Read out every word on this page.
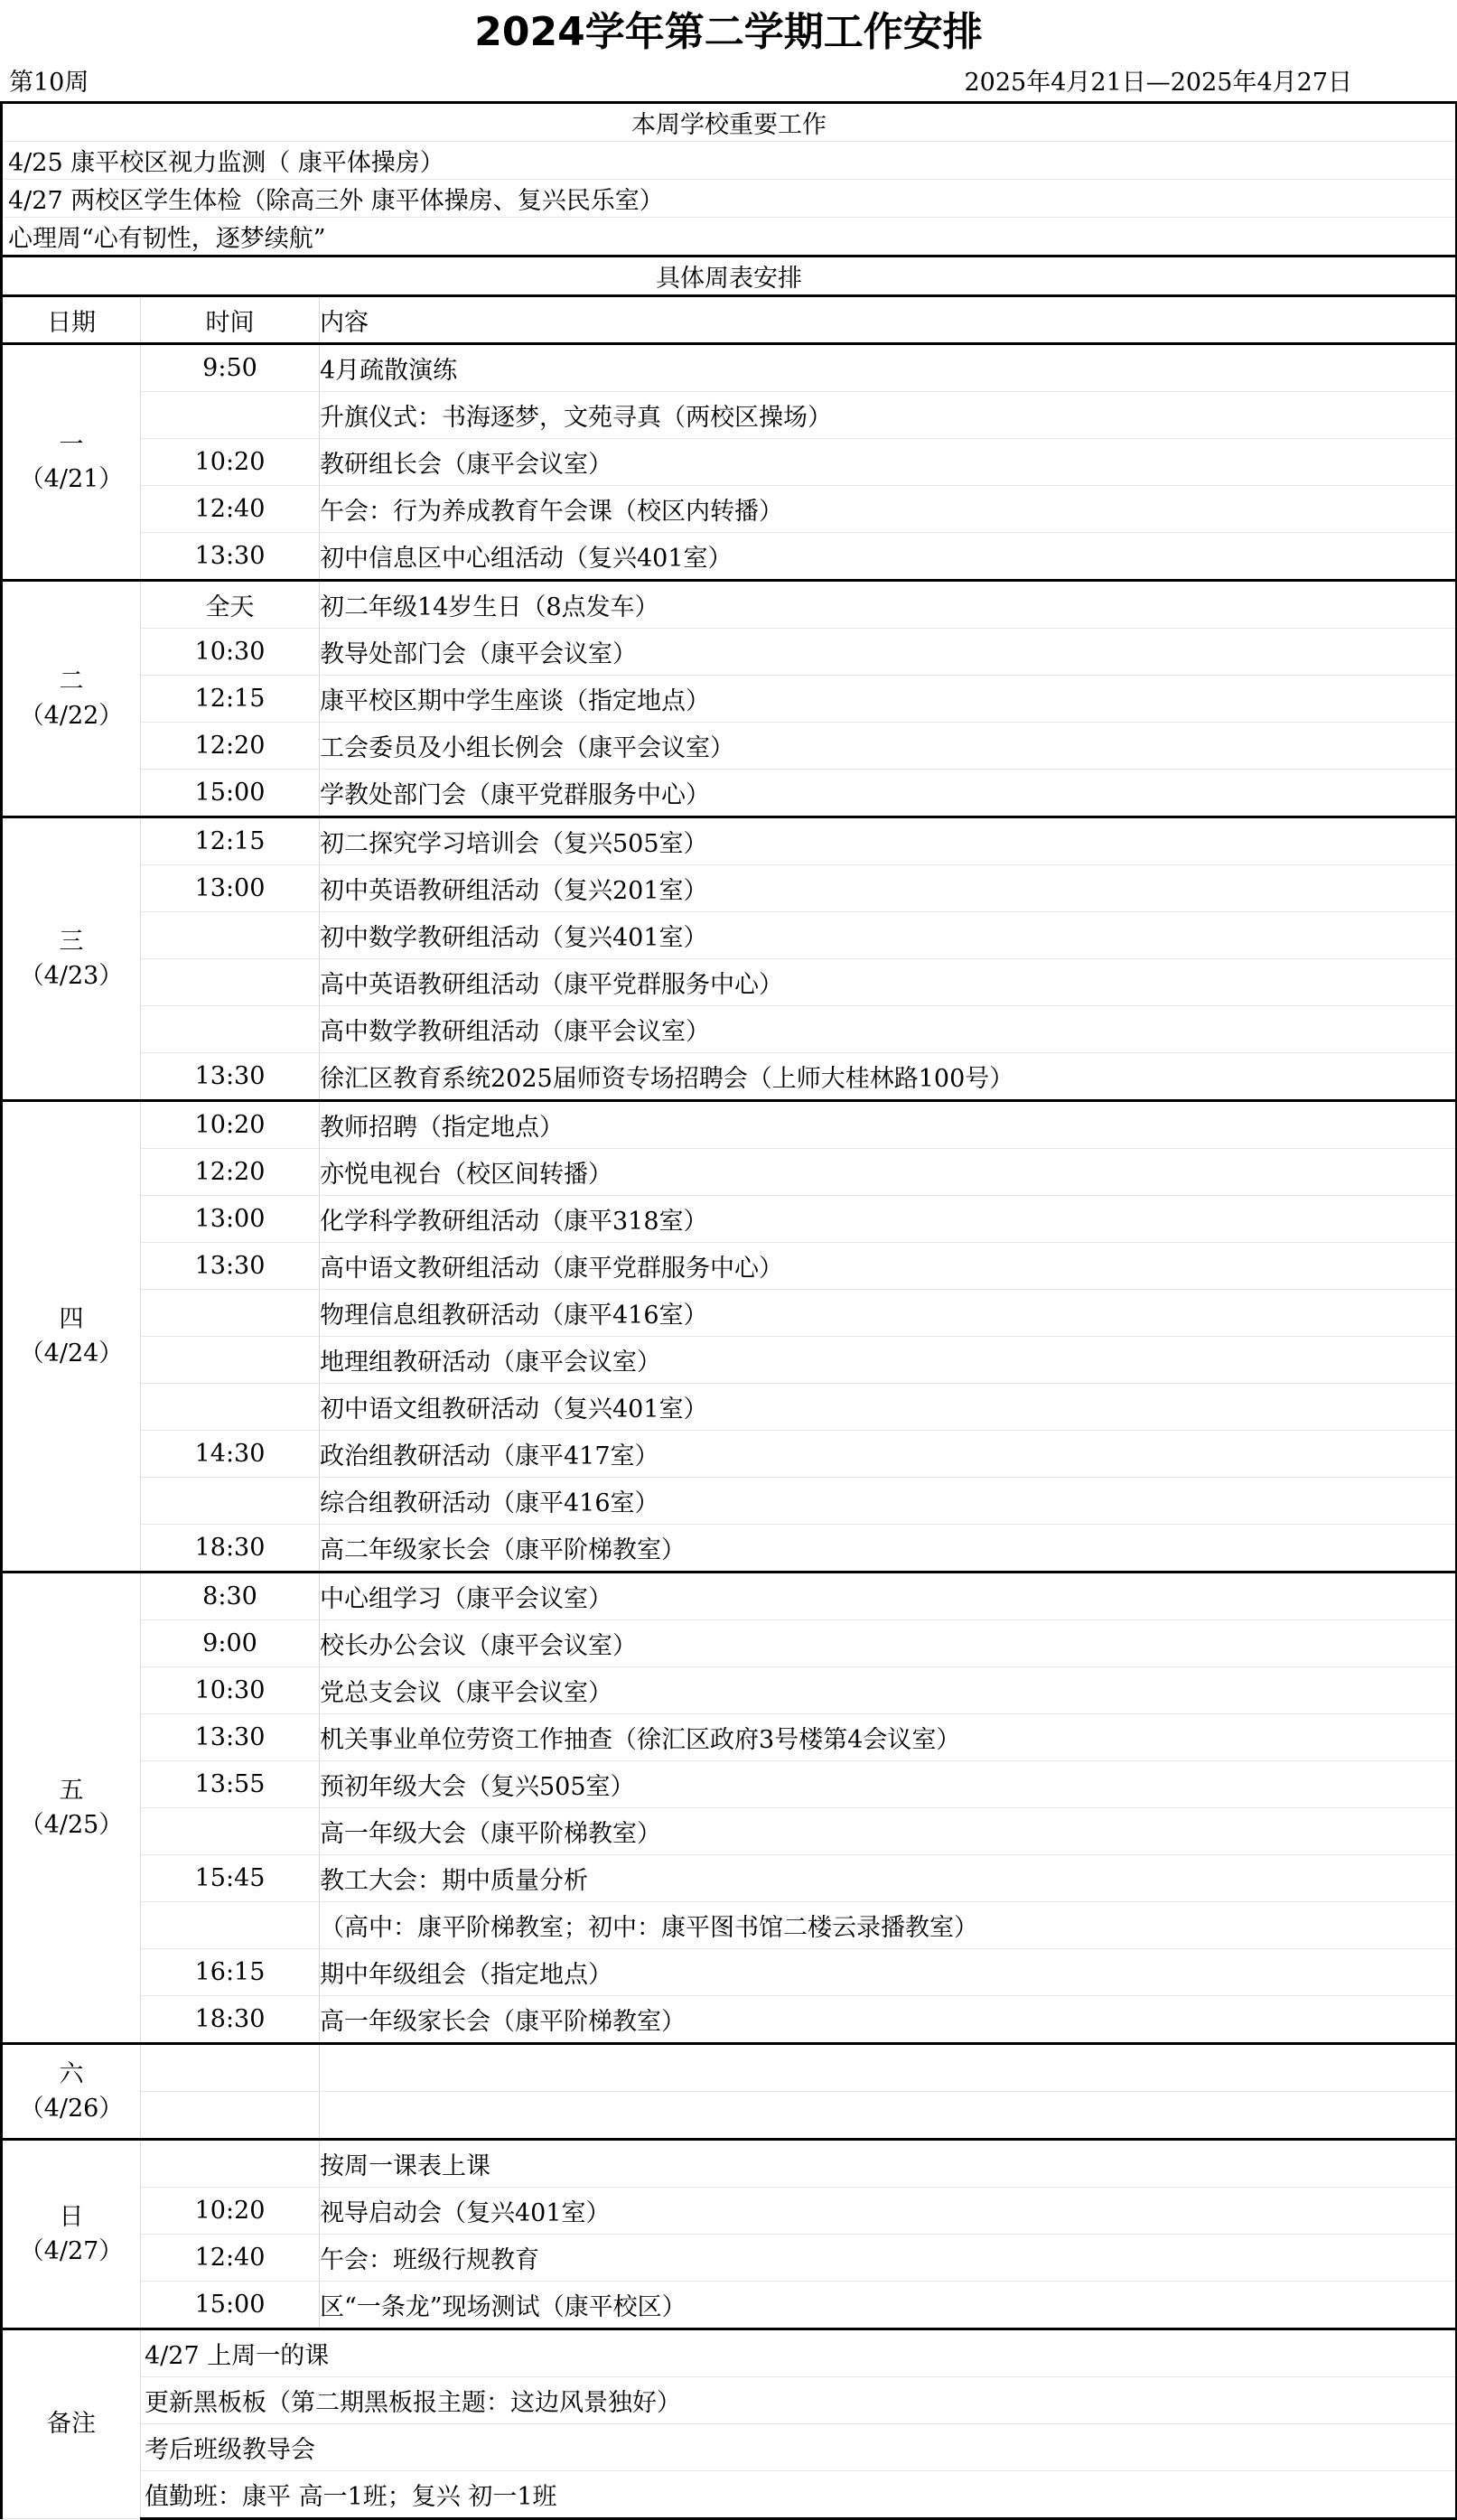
2024学年第二学期工作安排
第10周	2025年4月21日—2025年4月27日
本周学校重要工作		
4/25 康平校区视力监测（ 康平体操房）		
4/27 两校区学生体检（除高三外 康平体操房、复兴民乐室）		
心理周“心有韧性，逐梦续航”		
具体周表安排		
日期	时间	内容

一
（4/21）	9:50	4月疏散演练
		升旗仪式：书海逐梦，文苑寻真（两校区操场）
	10:20	教研组长会（康平会议室）
	12:40	午会：行为养成教育午会课（校区内转播）
	13:30	初中信息区中心组活动（复兴401室）

二
（4/22）	全天	初二年级14岁生日（8点发车）
	10:30	教导处部门会（康平会议室）
	12:15	康平校区期中学生座谈（指定地点）
	12:20	工会委员及小组长例会（康平会议室）
	15:00	学教处部门会（康平党群服务中心）

三
（4/23）	12:15	初二探究学习培训会（复兴505室）
	13:00	初中英语教研组活动（复兴201室）
		初中数学教研组活动（复兴401室）
		高中英语教研组活动（康平党群服务中心）
		高中数学教研组活动（康平会议室）
	13:30	徐汇区教育系统2025届师资专场招聘会（上师大桂林路100号）

四
（4/24）	10:20	教师招聘（指定地点）
	12:20	亦悦电视台（校区间转播）
	13:00	化学科学教研组活动（康平318室）
	13:30	高中语文教研组活动（康平党群服务中心）
		物理信息组教研活动（康平416室）
		地理组教研活动（康平会议室）
		初中语文组教研活动（复兴401室）
	14:30	政治组教研活动（康平417室）
		综合组教研活动（康平416室）
	18:30	高二年级家长会（康平阶梯教室）

五
（4/25）	8:30	中心组学习（康平会议室）
	9:00	校长办公会议（康平会议室）
	10:30	党总支会议（康平会议室）
	13:30	机关事业单位劳资工作抽查（徐汇区政府3号楼第4会议室）
	13:55	预初年级大会（复兴505室）
		高一年级大会（康平阶梯教室）
	15:45	教工大会：期中质量分析
		（高中：康平阶梯教室；初中：康平图书馆二楼云录播教室）
	16:15	期中年级组会（指定地点）
	18:30	高一年级家长会（康平阶梯教室）

六
（4/26）		

日
（4/27）		按周一课表上课
	10:20	视导启动会（复兴401室）
	12:40	午会：班级行规教育
	15:00	区“一条龙”现场测试（康平校区）
备注	4/27 上周一的课	
	更新黑板板（第二期黑板报主题：这边风景独好）	
	考后班级教导会	
	值勤班：康平 高一1班；复兴 初一1班	
